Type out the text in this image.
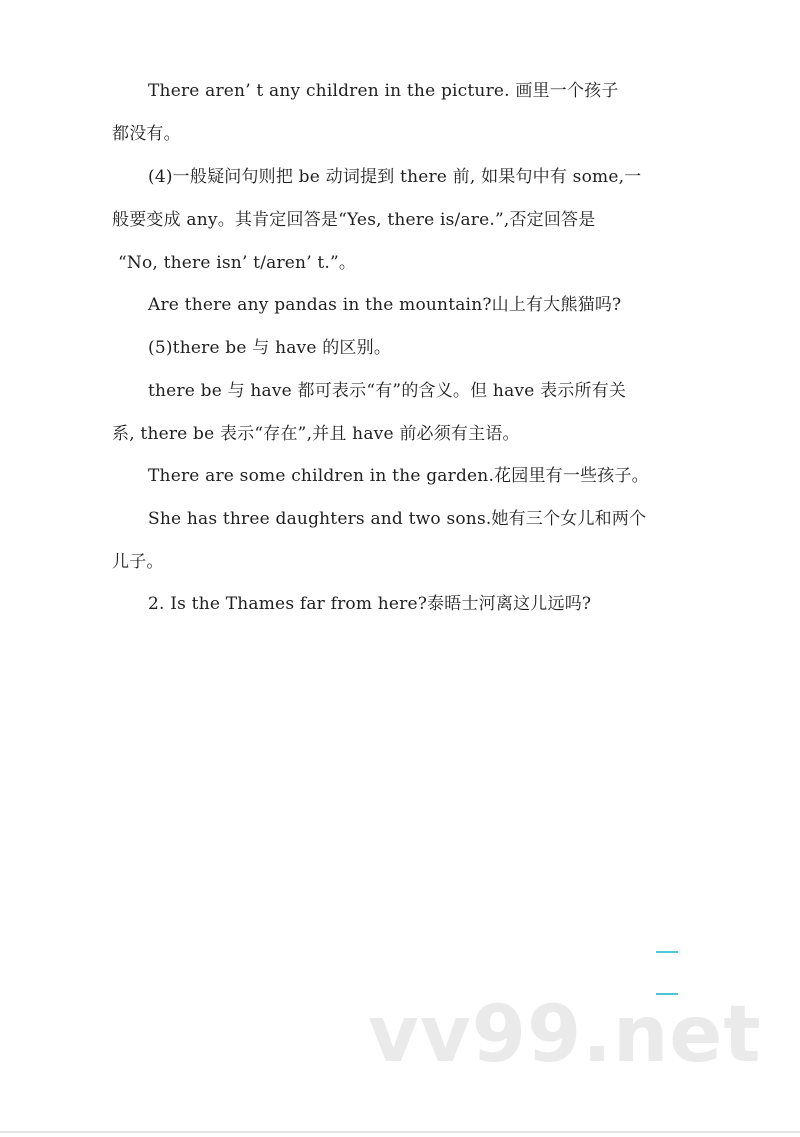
There aren’ t any children in the picture. 画里一个孩子
都没有。
(4)一般疑问句则把 be 动词提到 there 前, 如果句中有 some,一
般要变成 any。其肯定回答是“Yes, there is/are.”,否定回答是
“No, there isn’ t/aren’ t.”。
Are there any pandas in the mountain?山上有大熊猫吗?
(5)there be 与 have 的区别。
there be 与 have 都可表示“有”的含义。但 have 表示所有关
系, there be 表示“存在”,并且 have 前必须有主语。
There are some children in the garden.花园里有一些孩子。
She has three daughters and two sons.她有三个女儿和两个
儿子。
2. Is the Thames far from here?泰晤士河离这儿远吗?
vv99.net
